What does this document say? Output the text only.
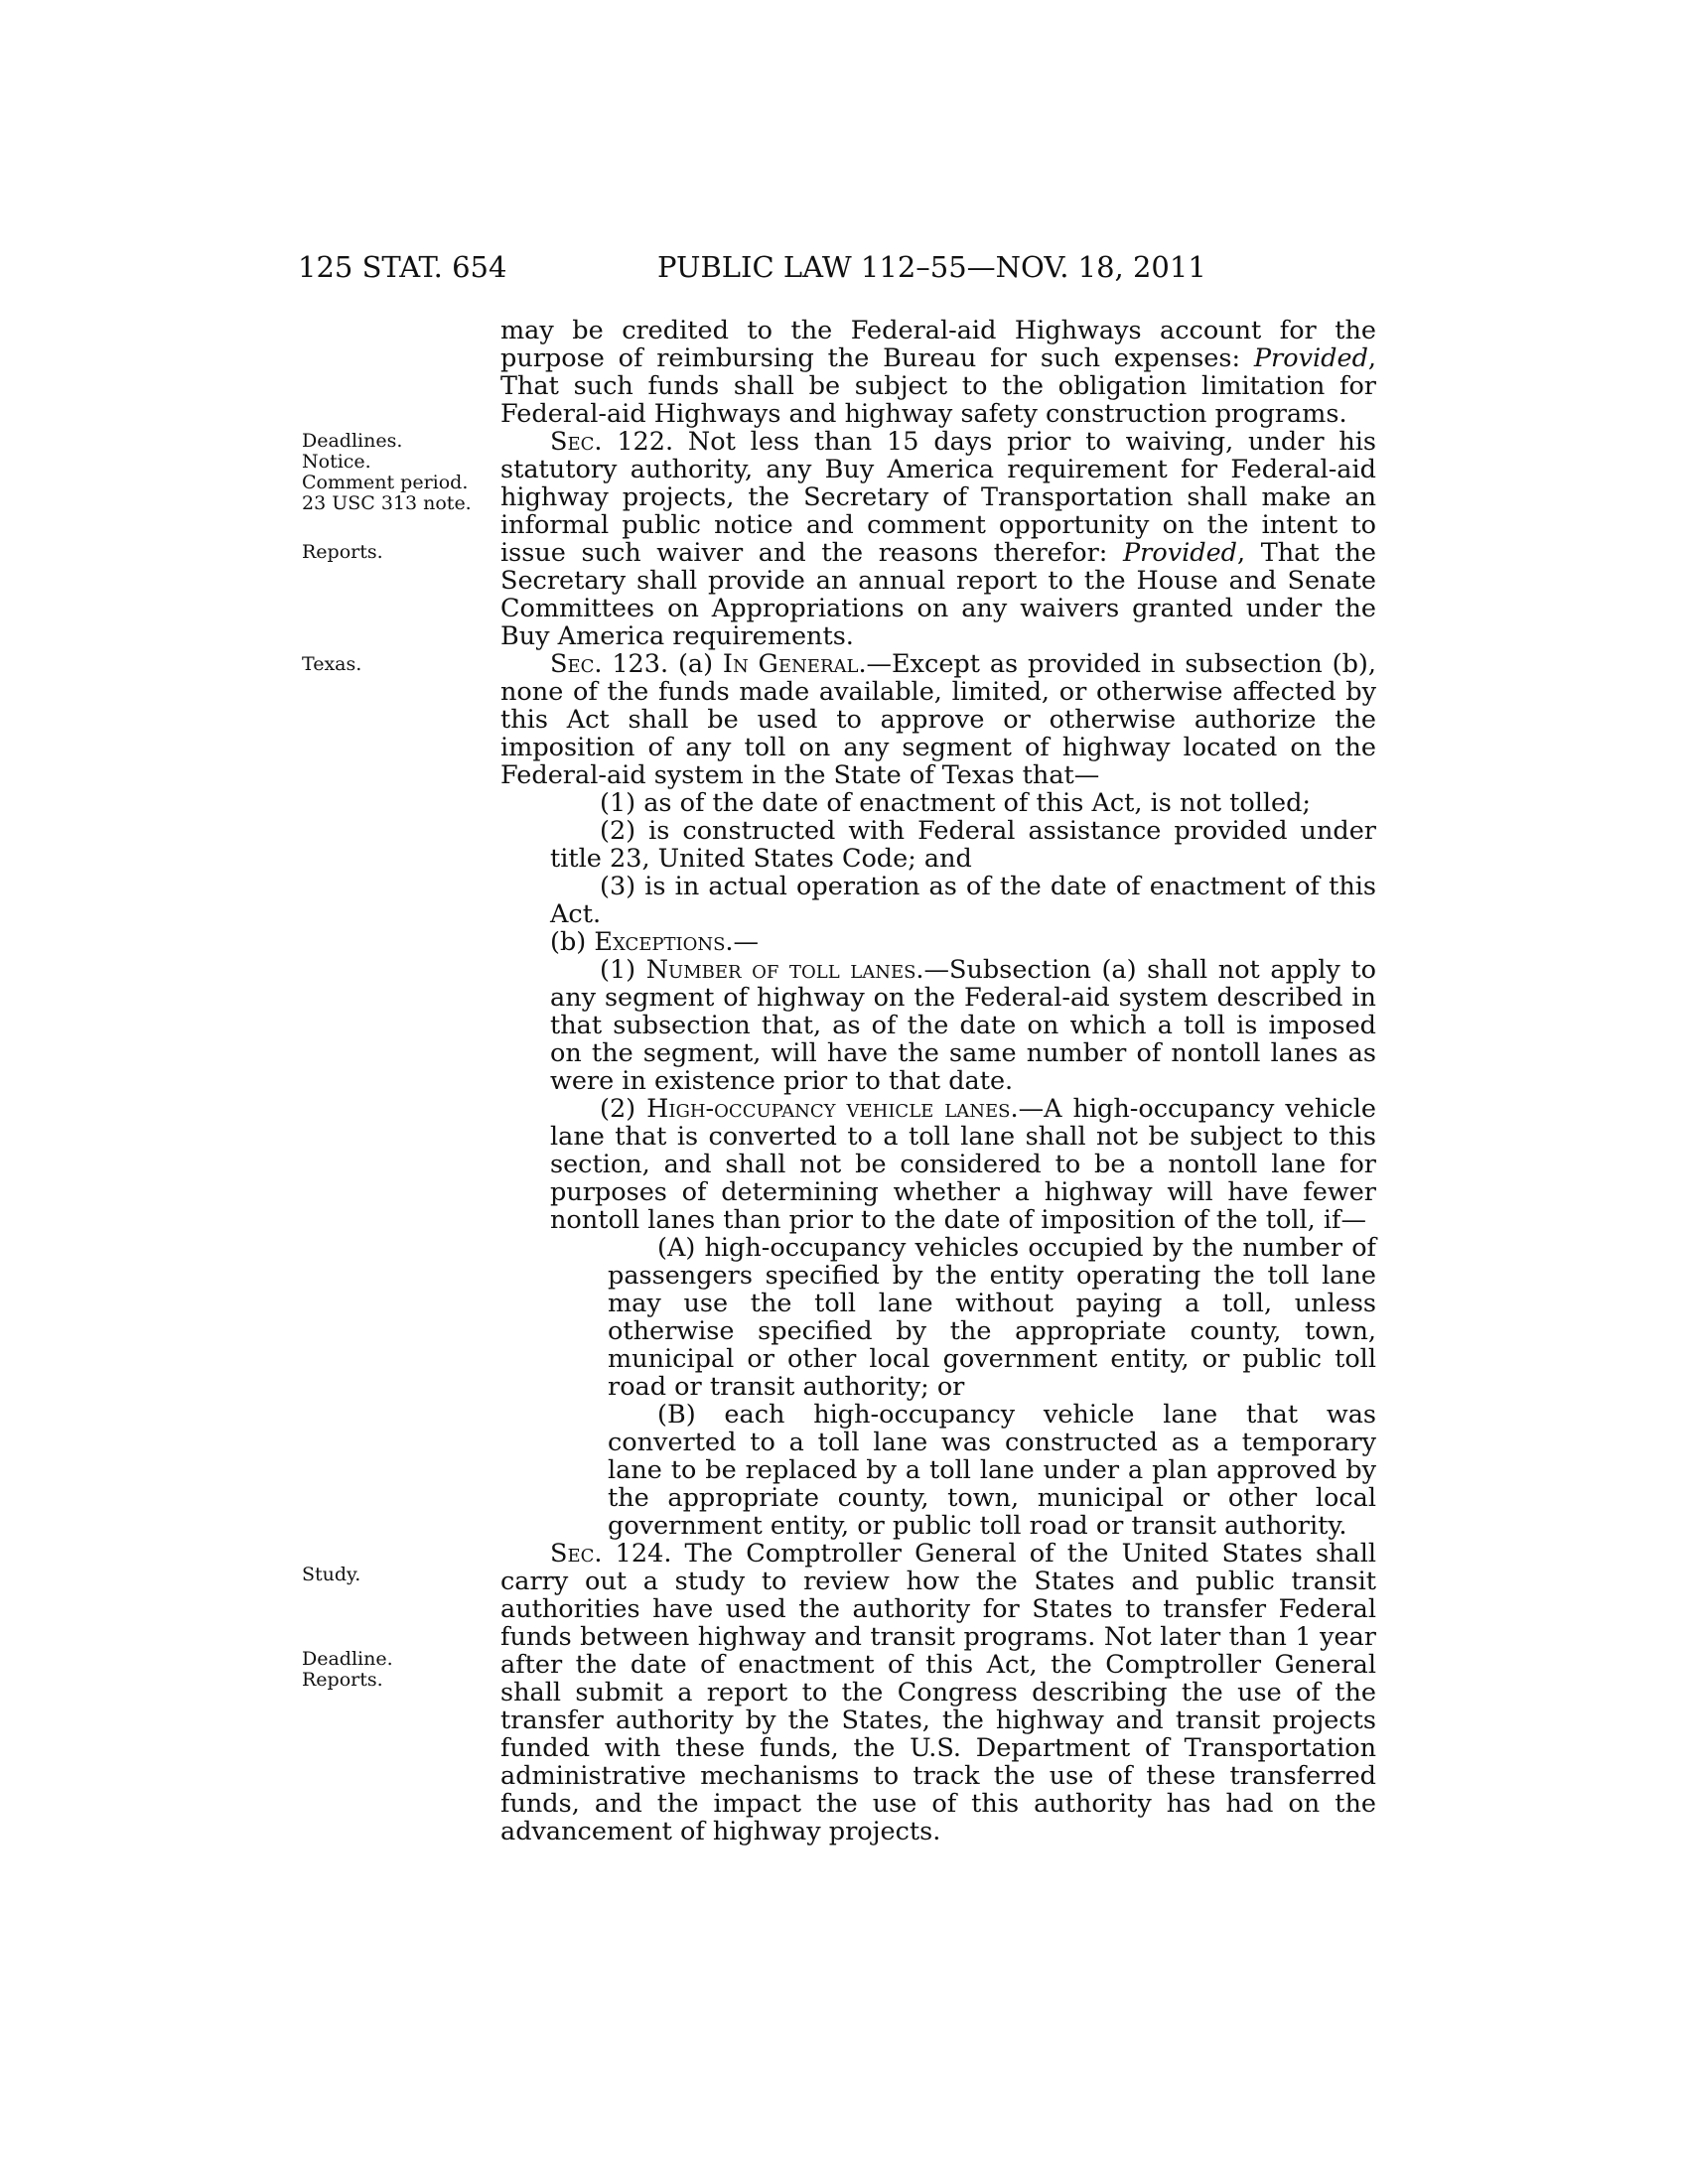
125 STAT. 654	PUBLIC LAW 112–55—NOV. 18, 2011
Deadlines.
Notice.
Comment period.
23 USC 313 note.
Reports.
Texas.
Study.
Deadline.
Reports.

may be credited to the Federal-aid Highways account for the purpose of reimbursing the Bureau for such expenses: Provided, That such funds shall be subject to the obligation limitation for Federal-aid Highways and highway safety construction programs.

Sec. 122. Not less than 15 days prior to waiving, under his statutory authority, any Buy America requirement for Federal-aid highway projects, the Secretary of Transportation shall make an informal public notice and comment opportunity on the intent to issue such waiver and the reasons therefor: Provided, That the Secretary shall provide an annual report to the House and Senate Committees on Appropriations on any waivers granted under the Buy America requirements.

Sec. 123. (a) In General.—Except as provided in subsection (b), none of the funds made available, limited, or otherwise affected by this Act shall be used to approve or otherwise authorize the imposition of any toll on any segment of highway located on the Federal-aid system in the State of Texas that—

(1) as of the date of enactment of this Act, is not tolled;

(2) is constructed with Federal assistance provided under title 23, United States Code; and

(3) is in actual operation as of the date of enactment of this Act.

(b) Exceptions.—

(1) Number of toll lanes.—Subsection (a) shall not apply to any segment of highway on the Federal-aid system described in that subsection that, as of the date on which a toll is imposed on the segment, will have the same number of nontoll lanes as were in existence prior to that date.

(2) High-occupancy vehicle lanes.—A high-occupancy vehicle lane that is converted to a toll lane shall not be subject to this section, and shall not be considered to be a nontoll lane for purposes of determining whether a highway will have fewer nontoll lanes than prior to the date of imposition of the toll, if—

(A) high-occupancy vehicles occupied by the number of passengers specified by the entity operating the toll lane may use the toll lane without paying a toll, unless otherwise specified by the appropriate county, town, municipal or other local government entity, or public toll road or transit authority; or

(B) each high-occupancy vehicle lane that was converted to a toll lane was constructed as a temporary lane to be replaced by a toll lane under a plan approved by the appropriate county, town, municipal or other local government entity, or public toll road or transit authority.

Sec. 124. The Comptroller General of the United States shall carry out a study to review how the States and public transit authorities have used the authority for States to transfer Federal funds between highway and transit programs. Not later than 1 year after the date of enactment of this Act, the Comptroller General shall submit a report to the Congress describing the use of the transfer authority by the States, the highway and transit projects funded with these funds, the U.S. Department of Transportation administrative mechanisms to track the use of these transferred funds, and the impact the use of this authority has had on the advancement of highway projects.
